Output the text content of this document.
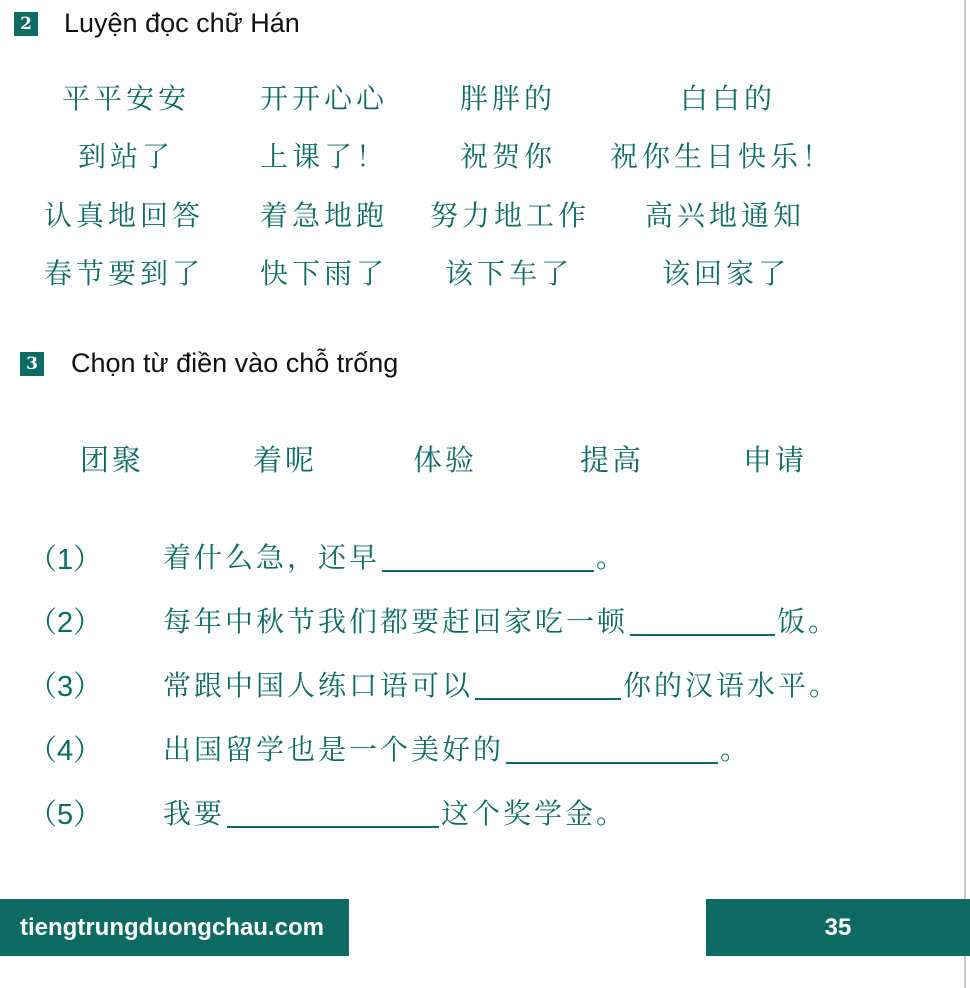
2 Luyện đọc chữ Hán
平平安安 开开心心	胖胖的	白白的
到站了	上课了！	祝贺你 祝你生日快乐！
认真地回答 着急地跑 努力地工作 高兴地通知
春节要到了 快下雨了 该下车了	该回家了
3 Chọn từ điền vào chỗ trống
团聚	着呢	体验	提高	申请
（1） 着什么急，还早	。
（2） 每年中秋节我们都要赶回家吃一顿	饭。
（3） 常跟中国人练口语可以	你的汉语水平。
（4） 出国留学也是一个美好的	。
（5） 我要	这个奖学金。
tiengtrungduongchau.com	35
